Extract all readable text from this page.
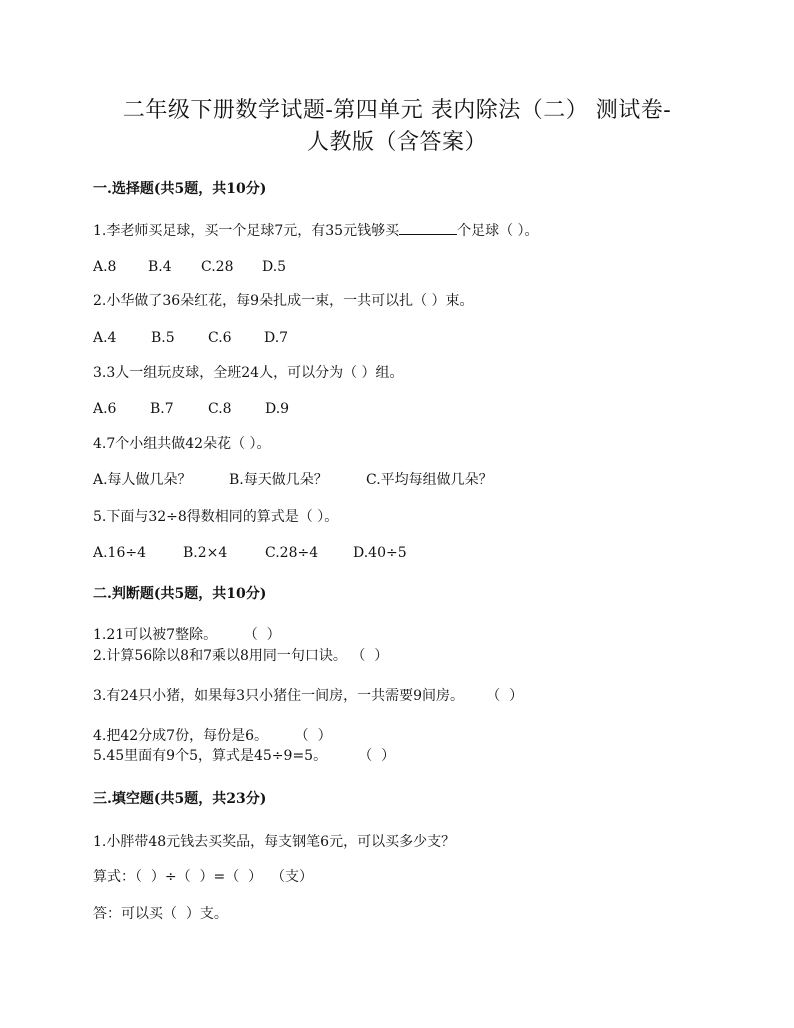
二年级下册数学试题-第四单元 表内除法（二） 测试卷-
人教版（含答案）
一.选择题(共5题，共10分)
1.李老师买足球，买一个足球7元，有35元钱够买	个足球（ ）。
A.8 B.4 C.28 D.5
2.小华做了36朵红花，每9朵扎成一束，一共可以扎（ ）束。
A.4 B.5 C.6 D.7
3.3人一组玩皮球，全班24人，可以分为（ ）组。
A.6 B.7 C.8 D.9
4.7个小组共做42朵花（ ）。
A.每人做几朵？	B.每天做几朵？	C.平均每组做几朵？
5.下面与32÷8得数相同的算式是（ ）。
A.16÷4	B.2×4	C.28÷4 D.40÷5
二.判断题(共5题，共10分)
1.21可以被7整除。      （  ）
2.计算56除以8和7乘以8用同一句口诀。 （  ）
3.有24只小猪，如果每3只小猪住一间房，一共需要9间房。     （  ）
4.把42分成7份，每份是6。      （  ）
5.45里面有9个5，算式是45÷9=5。       （  ）
三.填空题(共5题，共23分)
1.小胖带48元钱去买奖品，每支钢笔6元，可以买多少支？
算式：（  ）÷（  ）=（  ）  （支）
答：可以买（  ）支。
